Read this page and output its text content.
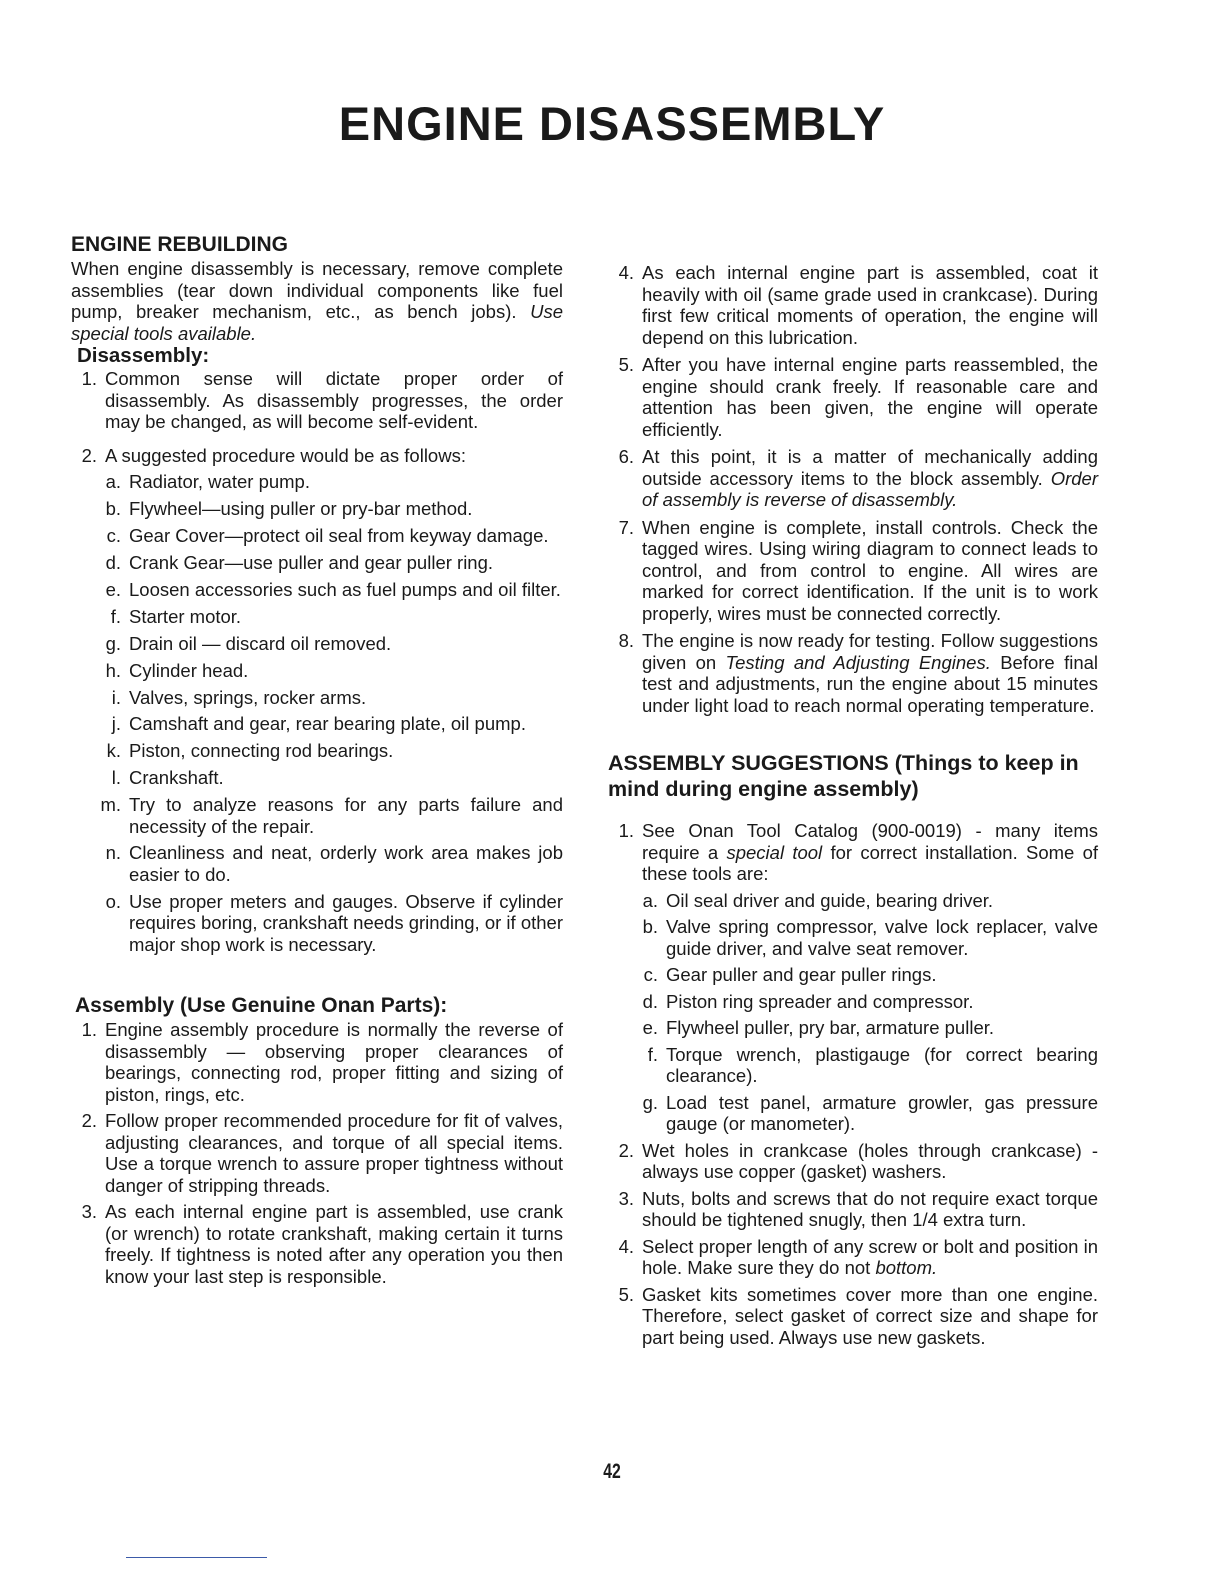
ENGINE DISASSEMBLY
ENGINE REBUILDING

When engine disassembly is necessary, remove complete assemblies (tear down individual components like fuel pump, breaker mechanism, etc., as bench jobs). Use special tools available.

Disassembly:
1. Common sense will dictate proper order of disassembly. As disassembly progresses, the order may be changed, as will become self-evident.
2. A suggested procedure would be as follows:
a. Radiator, water pump.
b. Flywheel—using puller or pry-bar method.
c. Gear Cover—protect oil seal from keyway damage.
d. Crank Gear—use puller and gear puller ring.
e. Loosen accessories such as fuel pumps and oil filter.
f. Starter motor.
g. Drain oil — discard oil removed.
h. Cylinder head.
i. Valves, springs, rocker arms.
j. Camshaft and gear, rear bearing plate, oil pump.
k. Piston, connecting rod bearings.
l. Crankshaft.
m. Try to analyze reasons for any parts failure and necessity of the repair.
n. Cleanliness and neat, orderly work area makes job easier to do.
o. Use proper meters and gauges. Observe if cylinder requires boring, crankshaft needs grinding, or if other major shop work is necessary.
Assembly (Use Genuine Onan Parts):
1. Engine assembly procedure is normally the reverse of disassembly — observing proper clearances of bearings, connecting rod, proper fitting and sizing of piston, rings, etc.
2. Follow proper recommended procedure for fit of valves, adjusting clearances, and torque of all special items. Use a torque wrench to assure proper tightness without danger of stripping threads.
3. As each internal engine part is assembled, use crank (or wrench) to rotate crankshaft, making certain it turns freely. If tightness is noted after any operation you then know your last step is responsible.
4. As each internal engine part is assembled, coat it heavily with oil (same grade used in crankcase). During first few critical moments of operation, the engine will depend on this lubrication.
5. After you have internal engine parts reassembled, the engine should crank freely. If reasonable care and attention has been given, the engine will operate efficiently.
6. At this point, it is a matter of mechanically adding outside accessory items to the block assembly. Order of assembly is reverse of disassembly.
7. When engine is complete, install controls. Check the tagged wires. Using wiring diagram to connect leads to control, and from control to engine. All wires are marked for correct identification. If the unit is to work properly, wires must be connected correctly.
8. The engine is now ready for testing. Follow suggestions given on Testing and Adjusting Engines. Before final test and adjustments, run the engine about 15 minutes under light load to reach normal operating temperature.
ASSEMBLY SUGGESTIONS (Things to keep in mind during engine assembly)
1. See Onan Tool Catalog (900-0019) - many items require a special tool for correct installation. Some of these tools are:
a. Oil seal driver and guide, bearing driver.
b. Valve spring compressor, valve lock replacer, valve guide driver, and valve seat remover.
c. Gear puller and gear puller rings.
d. Piston ring spreader and compressor.
e. Flywheel puller, pry bar, armature puller.
f. Torque wrench, plastigauge (for correct bearing clearance).
g. Load test panel, armature growler, gas pressure gauge (or manometer).
2. Wet holes in crankcase (holes through crankcase) - always use copper (gasket) washers.
3. Nuts, bolts and screws that do not require exact torque should be tightened snugly, then 1/4 extra turn.
4. Select proper length of any screw or bolt and position in hole. Make sure they do not bottom.
5. Gasket kits sometimes cover more than one engine. Therefore, select gasket of correct size and shape for part being used. Always use new gaskets.
42
